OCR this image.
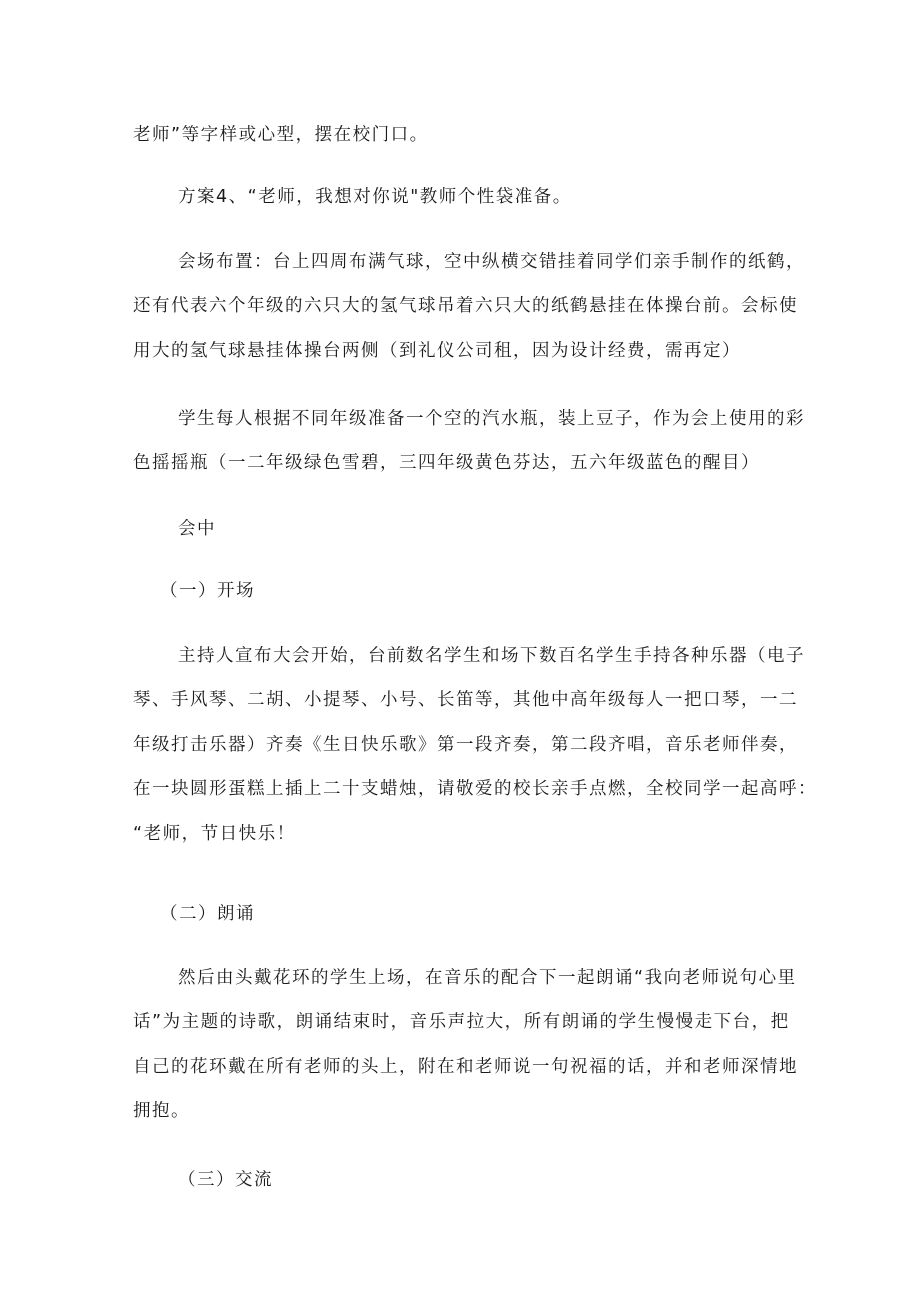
老师”等字样或心型，摆在校门口。
方案4、“老师，我想对你说"教师个性袋准备。
会场布置：台上四周布满气球，空中纵横交错挂着同学们亲手制作的纸鹤，
还有代表六个年级的六只大的氢气球吊着六只大的纸鹤悬挂在体操台前。会标使
用大的氢气球悬挂体操台两侧（到礼仪公司租，因为设计经费，需再定）
学生每人根据不同年级准备一个空的汽水瓶，装上豆子，作为会上使用的彩
色摇摇瓶（一二年级绿色雪碧，三四年级黄色芬达，五六年级蓝色的醒目）
会中
（一）开场
主持人宣布大会开始，台前数名学生和场下数百名学生手持各种乐器（电子
琴、手风琴、二胡、小提琴、小号、长笛等，其他中高年级每人一把口琴，一二
年级打击乐器）齐奏《生日快乐歌》第一段齐奏，第二段齐唱，音乐老师伴奏，
在一块圆形蛋糕上插上二十支蜡烛，请敬爱的校长亲手点燃，全校同学一起高呼：
“老师，节日快乐！
（二）朗诵
然后由头戴花环的学生上场，在音乐的配合下一起朗诵“我向老师说句心里
话”为主题的诗歌，朗诵结束时，音乐声拉大，所有朗诵的学生慢慢走下台，把
自己的花环戴在所有老师的头上，附在和老师说一句祝福的话，并和老师深情地
拥抱。
（三）交流
